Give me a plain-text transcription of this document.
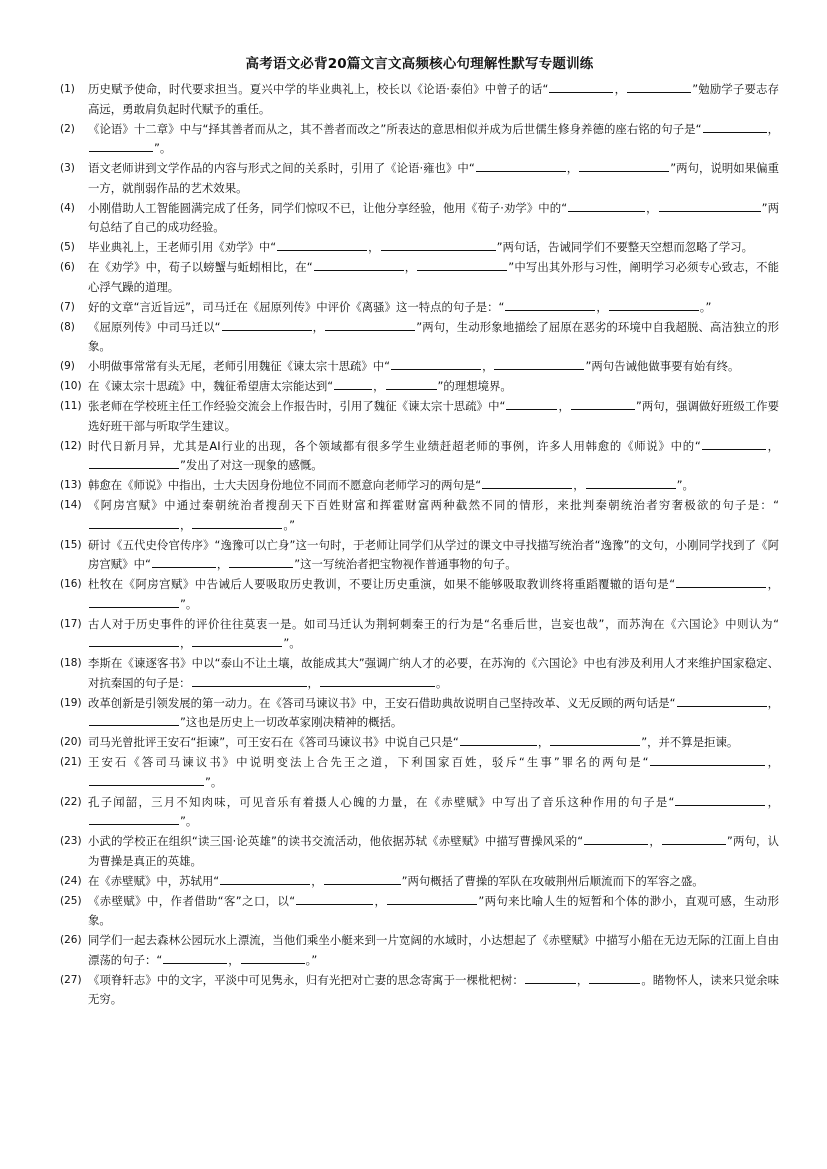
高考语文必背20篇文言文高频核心句理解性默写专题训练
(1)	历史赋予使命，时代要求担当。夏兴中学的毕业典礼上，校长以《论语·泰伯》中曾子的话“	，	”勉励学子要志存高远，勇敢肩负起时代赋予的重任。
(2)	《论语》十二章》中与“择其善者而从之，其不善者而改之”所表达的意思相似并成为后世儒生修身养德的座右铭的句子是“	，”。
(3)	语文老师讲到文学作品的内容与形式之间的关系时，引用了《论语·雍也》中“	，	”两句，说明如果偏重一方，就削弱作品的艺术效果。
(4)	小刚借助人工智能圆满完成了任务，同学们惊叹不已，让他分享经验，他用《荀子·劝学》中的“	，	”两句总结了自己的成功经验。
(5)	毕业典礼上，王老师引用《劝学》中“	，	”两句话，告诫同学们不要整天空想而忽略了学习。
(6)	在《劝学》中，荀子以螃蟹与蚯蚓相比，在“	，	”中写出其外形与习性，阐明学习必须专心致志，不能心浮气躁的道理。
(7)	好的文章“言近旨远”，司马迁在《屈原列传》中评价《离骚》这一特点的句子是：“	，	。”
(8)	《屈原列传》中司马迁以“	，	”两句，生动形象地描绘了屈原在恶劣的环境中自我超脱、高洁独立的形象。
(9)	小明做事常常有头无尾，老师引用魏征《谏太宗十思疏》中“	，	”两句告诫他做事要有始有终。
(10) 在《谏太宗十思疏》中，魏征希望唐太宗能达到“	，	”的理想境界。
(11) 张老师在学校班主任工作经验交流会上作报告时，引用了魏征《谏太宗十思疏》中“	，	”两句，强调做好班级工作要选好班干部与听取学生建议。
(12) 时代日新月异，尤其是AI行业的出现，各个领域都有很多学生业绩赶超老师的事例，许多人用韩愈的《师说》中的“	，”发出了对这一现象的感慨。
(13) 韩愈在《师说》中指出，士大夫因身份地位不同而不愿意向老师学习的两句是“	，	”。
(14) 《阿房宫赋》中通过秦朝统治者搜刮天下百姓财富和挥霍财富两种截然不同的情形，来批判秦朝统治者穷奢极欲的句子是：“，	。”
(15) 研讨《五代史伶官传序》“逸豫可以亡身”这一句时，于老师让同学们从学过的课文中寻找描写统治者“逸豫”的文句，小刚同学找到了《阿房宫赋》中“	，	”这一写统治者把宝物视作普通事物的句子。
(16) 杜牧在《阿房宫赋》中告诫后人要吸取历史教训，不要让历史重演，如果不能够吸取教训终将重蹈覆辙的语句是“	，”。
(17) 古人对于历史事件的评价往往莫衷一是。如司马迁认为荆轲刺秦王的行为是“名垂后世，岂妄也哉”，而苏洵在《六国论》中则认为“，	”。
(18) 李斯在《谏逐客书》中以“泰山不让土壤，故能成其大”强调广纳人才的必要，在苏洵的《六国论》中也有涉及利用人才来维护国家稳定、对抗秦国的句子是：	，	。
(19) 改革创新是引领发展的第一动力。在《答司马谏议书》中，王安石借助典故说明自己坚持改革、义无反顾的两句话是“	，”这也是历史上一切改革家刚决精神的概括。
(20) 司马光曾批评王安石“拒谏”，可王安石在《答司马谏议书》中说自己只是“	，	”，并不算是拒谏。
(21) 王安石《答司马谏议书》中说明变法上合先王之道，下利国家百姓，驳斥“生事”罪名的两句是“	，”。
(22) 孔子闻韶，三月不知肉味，可见音乐有着摄人心魄的力量，在《赤壁赋》中写出了音乐这种作用的句子是“	，”。
(23) 小武的学校正在组织“读三国·论英雄”的读书交流活动，他依据苏轼《赤壁赋》中描写曹操风采的“	，	”两句，认为曹操是真正的英雄。
(24) 在《赤壁赋》中，苏轼用“	，	”两句概括了曹操的军队在攻破荆州后顺流而下的军容之盛。
(25) 《赤壁赋》中，作者借助“客”之口，以“	，	”两句来比喻人生的短暂和个体的渺小，直观可感，生动形象。
(26) 同学们一起去森林公园玩水上漂流，当他们乘坐小艇来到一片宽阔的水域时，小达想起了《赤壁赋》中描写小船在无边无际的江面上自由漂荡的句子：“	，	。”
(27) 《项脊轩志》中的文字，平淡中可见隽永，归有光把对亡妻的思念寄寓于一棵枇杷树：	，	。睹物怀人，读来只觉余味无穷。
